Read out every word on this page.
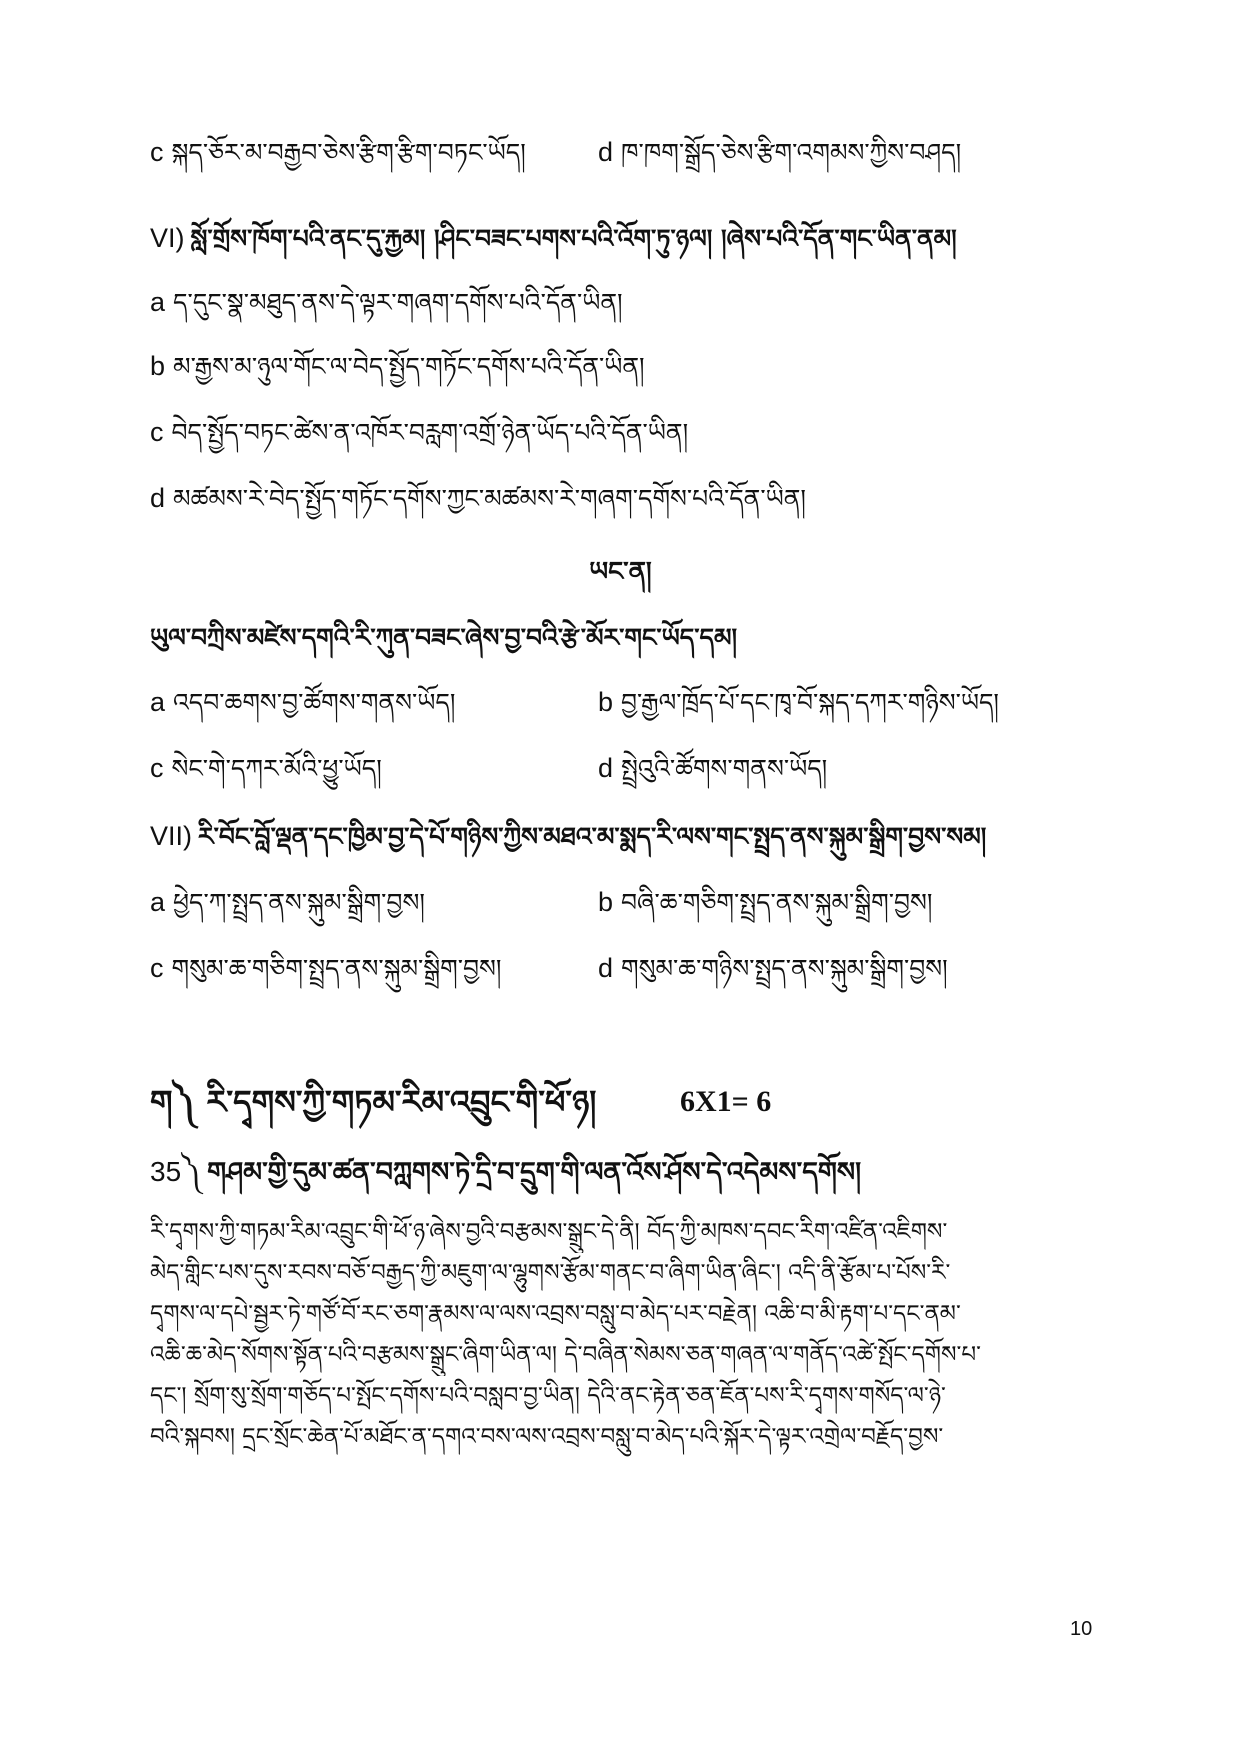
c སྐད་ཅོར་མ་བརྒྱབ་ཅེས་རྩིག་རྩིག་བཏང་ཡོད།	d ཁ་ཁག་སྒྲོད་ཅེས་རྩིག་འགམས་ཀྱིས་བཤད།
VI) སློ་གྲོས་ཁོག་པའི་ནང་དུ་རྐྱམ། །ཤིང་བཟང་པགས་པའི་འོག་ཏུ་ཉལ། །ཞེས་པའི་དོན་གང་ཡིན་ནམ།
a ད་དུང་སྣ་མཐུད་ནས་དེ་ལྟར་གཞག་དགོས་པའི་དོན་ཡིན།
b མ་རྒྱས་མ་ཉུལ་གོང་ལ་བེད་སྤྱོད་གཏོང་དགོས་པའི་དོན་ཡིན།
c བེད་སྤྱོད་བཏང་ཚེས་ན་འཁོར་བརླག་འགྲོ་ཉེན་ཡོད་པའི་དོན་ཡིན།
d མཚམས་རེ་བེད་སྤྱོད་གཏོང་དགོས་ཀྱང་མཚམས་རེ་གཞག་དགོས་པའི་དོན་ཡིན།
ཡང་ན།
ཡུལ་བཀྲིས་མཛེས་དགའི་རི་ཀུན་བཟང་ཞེས་བྱ་བའི་རྩེ་མོར་གང་ཡོད་དམ།
a འདབ་ཆགས་བྱ་ཚོགས་གནས་ཡོད།	b བྱ་རྒྱལ་ཁྲོད་པོ་དང་ཁྭ་བོ་སྐད་དཀར་གཉིས་ཡོད།
c སེང་གེ་དཀར་མོའི་ཕྱུ་ཡོད།	d སྤྲེའུའི་ཚོགས་གནས་ཡོད།
VII) རི་བོང་བློ་ལྡན་དང་ཁྱིམ་བྱ་དེ་པོ་གཉིས་ཀྱིས་མཐའ་མ་སྨད་རི་ལས་གང་སྤྲད་ནས་སྐུམ་སྒྲིག་བྱས་སམ།
a ཕྱེད་ཀ་སྤྲད་ནས་སྐུམ་སྒྲིག་བྱས།	b བཞི་ཆ་གཅིག་སྤྲད་ནས་སྐུམ་སྒྲིག་བྱས།
c གསུམ་ཆ་གཅིག་སྤྲད་ནས་སྐུམ་སྒྲིག་བྱས།	d གསུམ་ཆ་གཉིས་སྤྲད་ནས་སྐུམ་སྒྲིག་བྱས།
ག༽ རི་དྭགས་ཀྱི་གཏམ་རིམ་འབྲུང་གི་ཕོ་ཉ།	6X1= 6
35༽ གཤམ་གྱི་དུམ་ཚན་བཀླགས་ཏེ་དྲི་བ་དྲུག་གི་ལན་འོས་ཤོས་དེ་འདེམས་དགོས།
རི་དྭགས་ཀྱི་གཏམ་རིམ་འབྲུང་གི་ཕོ་ཉ་ཞེས་བྱའི་བརྩམས་སྒྲུང་དེ་ནི། བོད་ཀྱི་མཁས་དབང་རིག་འཛིན་འཇིགས་
མེད་གླིང་པས་དུས་རབས་བཅོ་བརྒྱད་ཀྱི་མཇུག་ལ་ལྷུགས་རྩོམ་གནང་བ་ཞིག་ཡིན་ཞིང་། འདི་ནི་རྩོམ་པ་པོས་རི་
དྭགས་ལ་དཔེ་སྦྱར་ཏེ་གཙོ་བོ་རང་ཅག་རྣམས་ལ་ལས་འབྲས་བསླུ་བ་མེད་པར་བརྗེན། འཆི་བ་མི་རྟག་པ་དང་ནམ་
འཆི་ཆ་མེད་སོགས་སྟོན་པའི་བརྩམས་སྒྲུང་ཞིག་ཡིན་ལ། དེ་བཞིན་སེམས་ཅན་གཞན་ལ་གནོད་འཚེ་སྤོང་དགོས་པ་
དང་། སྲོག་སུ་སྲོག་གཅོད་པ་སྤོང་དགོས་པའི་བསླབ་བྱ་ཡིན། དེའི་ནང་རྟེན་ཅན་ཇོན་པས་རི་དྭགས་གསོད་ལ་ཉེ་
བའི་སྐབས། དྲང་སྲོང་ཆེན་པོ་མཐོང་ན་དགའ་བས་ལས་འབྲས་བསླུ་བ་མེད་པའི་སྐོར་དེ་ལྟར་འགྲེལ་བརྗོད་བྱས་
10
